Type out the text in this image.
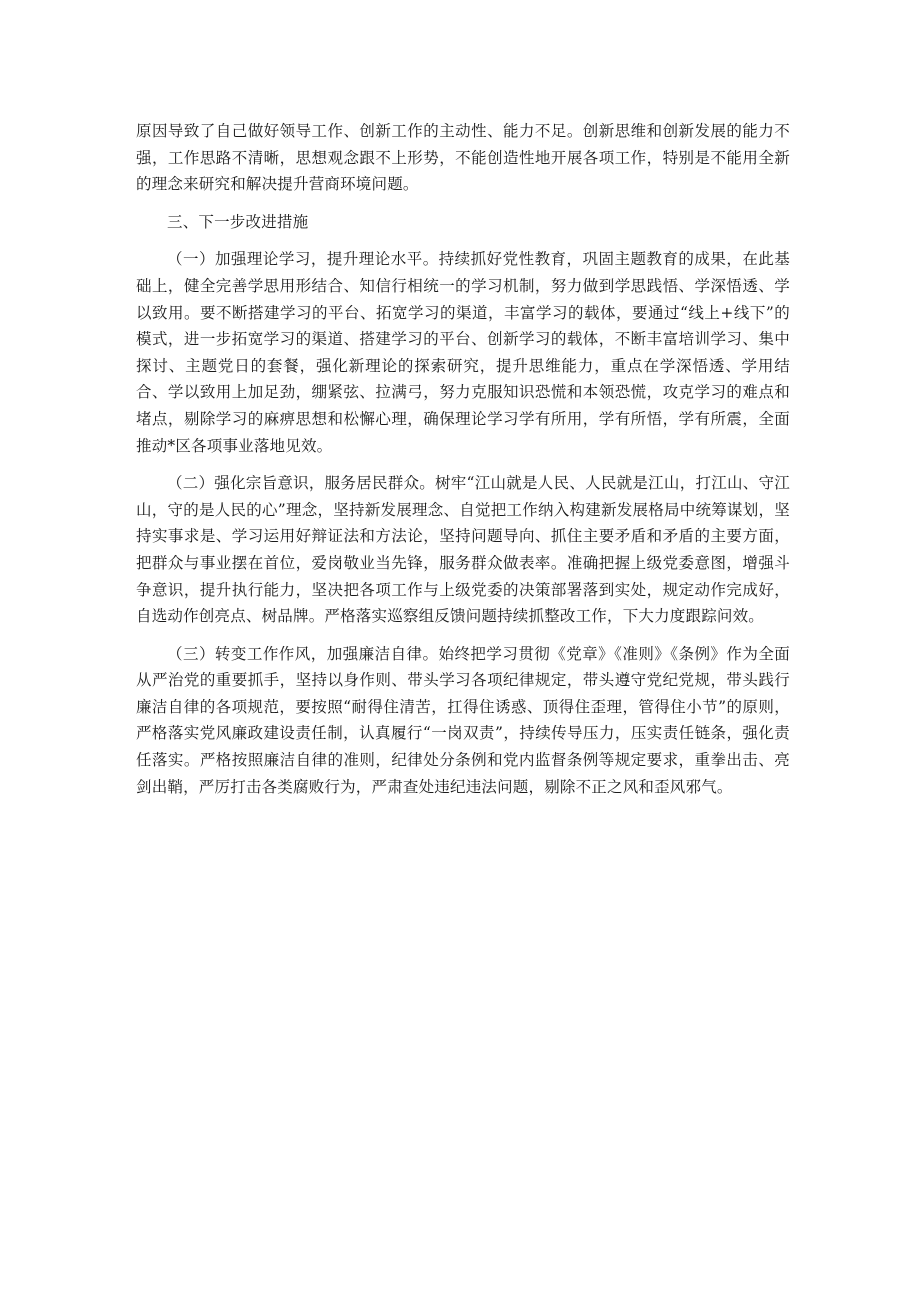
原因导致了自己做好领导工作、创新工作的主动性、能力不足。创新思维和创新发展的能力不强，工作思路不清晰，思想观念跟不上形势，不能创造性地开展各项工作，特别是不能用全新的理念来研究和解决提升营商环境问题。

三、下一步改进措施

（一）加强理论学习，提升理论水平。持续抓好党性教育，巩固主题教育的成果，在此基础上，健全完善学思用形结合、知信行相统一的学习机制，努力做到学思践悟、学深悟透、学以致用。要不断搭建学习的平台、拓宽学习的渠道，丰富学习的载体，要通过“线上+线下”的模式，进一步拓宽学习的渠道、搭建学习的平台、创新学习的载体，不断丰富培训学习、集中探讨、主题党日的套餐，强化新理论的探索研究，提升思维能力，重点在学深悟透、学用结合、学以致用上加足劲，绷紧弦、拉满弓，努力克服知识恐慌和本领恐慌，攻克学习的难点和堵点，剔除学习的麻痹思想和松懈心理，确保理论学习学有所用，学有所悟，学有所震，全面推动*区各项事业落地见效。

（二）强化宗旨意识，服务居民群众。树牢“江山就是人民、人民就是江山，打江山、守江山，守的是人民的心”理念，坚持新发展理念、自觉把工作纳入构建新发展格局中统筹谋划，坚持实事求是、学习运用好辩证法和方法论，坚持问题导向、抓住主要矛盾和矛盾的主要方面，把群众与事业摆在首位，爱岗敬业当先锋，服务群众做表率。准确把握上级党委意图，增强斗争意识，提升执行能力，坚决把各项工作与上级党委的决策部署落到实处，规定动作完成好，自选动作创亮点、树品牌。严格落实巡察组反馈问题持续抓整改工作，下大力度跟踪问效。

（三）转变工作作风，加强廉洁自律。始终把学习贯彻《党章》《准则》《条例》作为全面从严治党的重要抓手，坚持以身作则、带头学习各项纪律规定，带头遵守党纪党规，带头践行廉洁自律的各项规范，要按照“耐得住清苦，扛得住诱惑、顶得住歪理，管得住小节”的原则，严格落实党风廉政建设责任制，认真履行“一岗双责”，持续传导压力，压实责任链条，强化责任落实。严格按照廉洁自律的准则，纪律处分条例和党内监督条例等规定要求，重拳出击、亮剑出鞘，严厉打击各类腐败行为，严肃查处违纪违法问题，剔除不正之风和歪风邪气。
